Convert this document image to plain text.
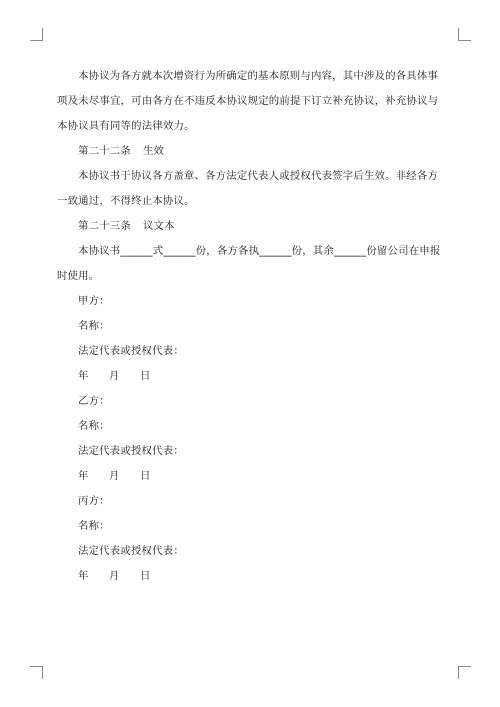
本协议为各方就本次增资行为所确定的基本原则与内容，其中涉及的各具体事项及未尽事宜，可由各方在不违反本协议规定的前提下订立补充协议，补充协议与本协议具有同等的法律效力。

第二十二条 生效

本协议书于协议各方盖章、各方法定代表人或授权代表签字后生效。非经各方一致通过，不得终止本协议。

第二十三条 议文本

本协议书______式______份，各方各执______份，其余______份留公司在申报时使用。

甲方：

名称：

法定代表或授权代表：

年 月 日

乙方：

名称：

法定代表或授权代表：

年 月 日

丙方：

名称：

法定代表或授权代表：

年 月 日
